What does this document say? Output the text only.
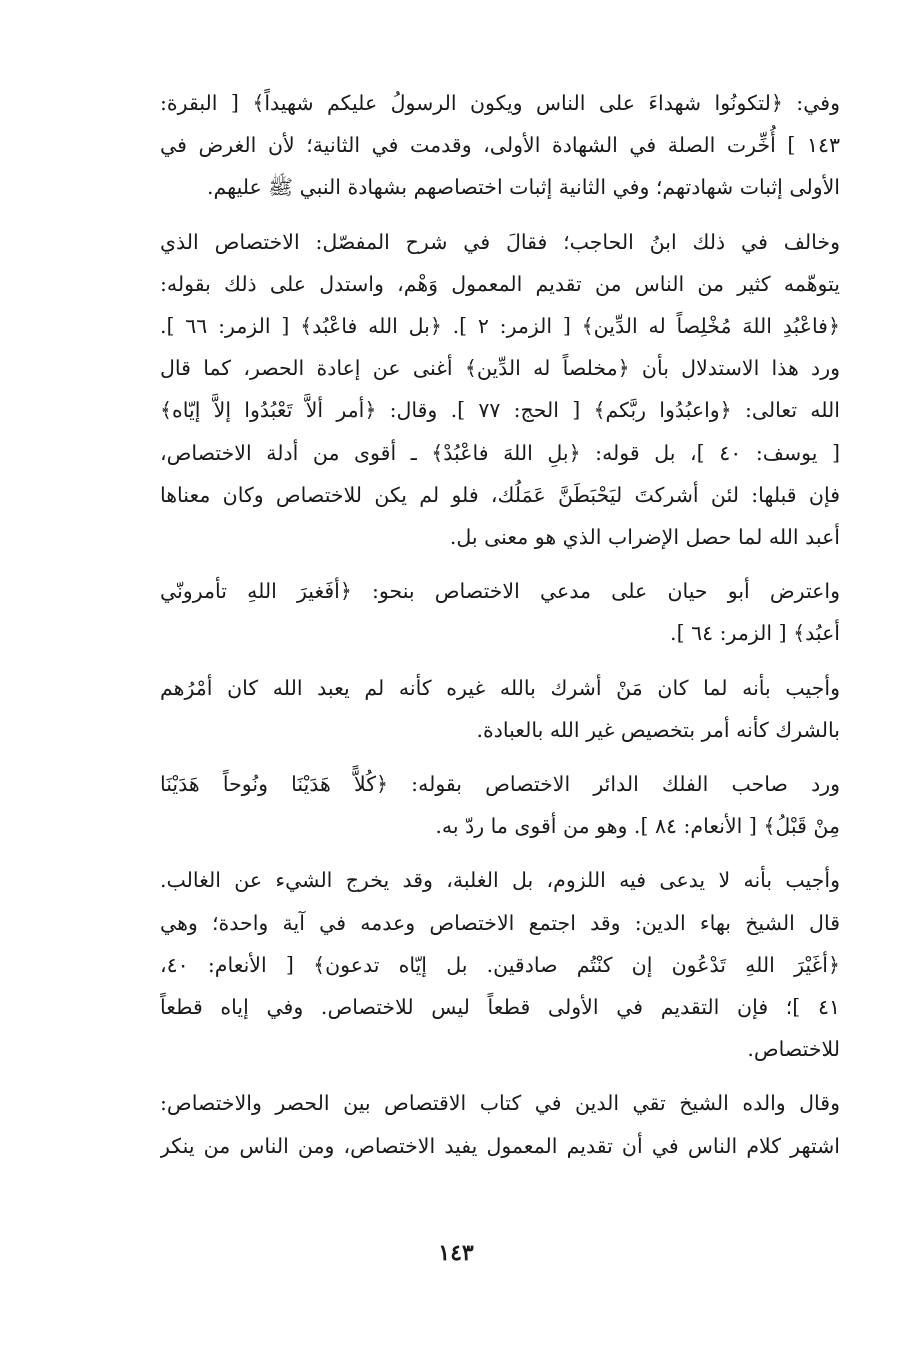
وفي: ﴿لتكونُوا شهداءَ على الناس ويكون الرسولُ عليكم شهيداً﴾ [ البقرة:
١٤٣ ] أُخِّرت الصلة في الشهادة الأولى، وقدمت في الثانية؛ لأن الغرض في
الأولى إثبات شهادتهم؛ وفي الثانية إثبات اختصاصهم بشهادة النبي ﷺ عليهم.

وخالف في ذلك ابنُ الحاجب؛ فقالَ في شرح المفصّل: الاختصاص الذي
يتوهّمه كثير من الناس من تقديم المعمول وَهْم، واستدل على ذلك بقوله:
﴿فاعْبُدِ اللهَ مُخْلِصاً له الدِّين﴾ [ الزمر: ٢ ]. ﴿بل الله فاعْبُد﴾ [ الزمر: ٦٦ ].
ورد هذا الاستدلال بأن ﴿مخلصاً له الدِّين﴾ أغنى عن إعادة الحصر، كما قال
الله تعالى: ﴿واعبُدُوا ربَّكم﴾ [ الحج: ٧٧ ]. وقال: ﴿أمر ألاَّ تَعْبُدُوا إلاَّ إيّاه﴾
[ يوسف: ٤٠ ]، بل قوله: ﴿بلِ اللهَ فاعْبُدْ﴾ ـ أقوى من أدلة الاختصاص،
فإن قبلها: لئن أشركتَ ليَحْبَطَنَّ عَمَلُك، فلو لم يكن للاختصاص وكان معناها
أعبد الله لما حصل الإضراب الذي هو معنى بل.

واعترض أبو حيان على مدعي الاختصاص بنحو: ﴿أفَغيرَ اللهِ تأمرونّي
أعبُد﴾ [ الزمر: ٦٤ ].

وأجيب بأنه لما كان مَنْ أشرك بالله غيره كأنه لم يعبد الله كان أمْرُهم
بالشرك كأنه أمر بتخصيص غير الله بالعبادة.

ورد صاحب الفلك الدائر الاختصاص بقوله: ﴿كُلاًّ هَدَيْنَا ونُوحاً هَدَيْنَا
مِنْ قَبْلُ﴾ [ الأنعام: ٨٤ ]. وهو من أقوى ما ردّ به.

وأجيب بأنه لا يدعى فيه اللزوم، بل الغلبة، وقد يخرج الشيء عن الغالب.
قال الشيخ بهاء الدين: وقد اجتمع الاختصاص وعدمه في آية واحدة؛ وهي
﴿أغَيْرَ اللهِ تَدْعُون إن كنْتُم صادقين. بل إيّاه تدعون﴾ [ الأنعام: ٤٠،
٤١ ]؛ فإن التقديم في الأولى قطعاً ليس للاختصاص. وفي إياه قطعاً
للاختصاص.

وقال والده الشيخ تقي الدين في كتاب الاقتصاص بين الحصر والاختصاص:
اشتهر كلام الناس في أن تقديم المعمول يفيد الاختصاص، ومن الناس من ينكر

١٤٣
